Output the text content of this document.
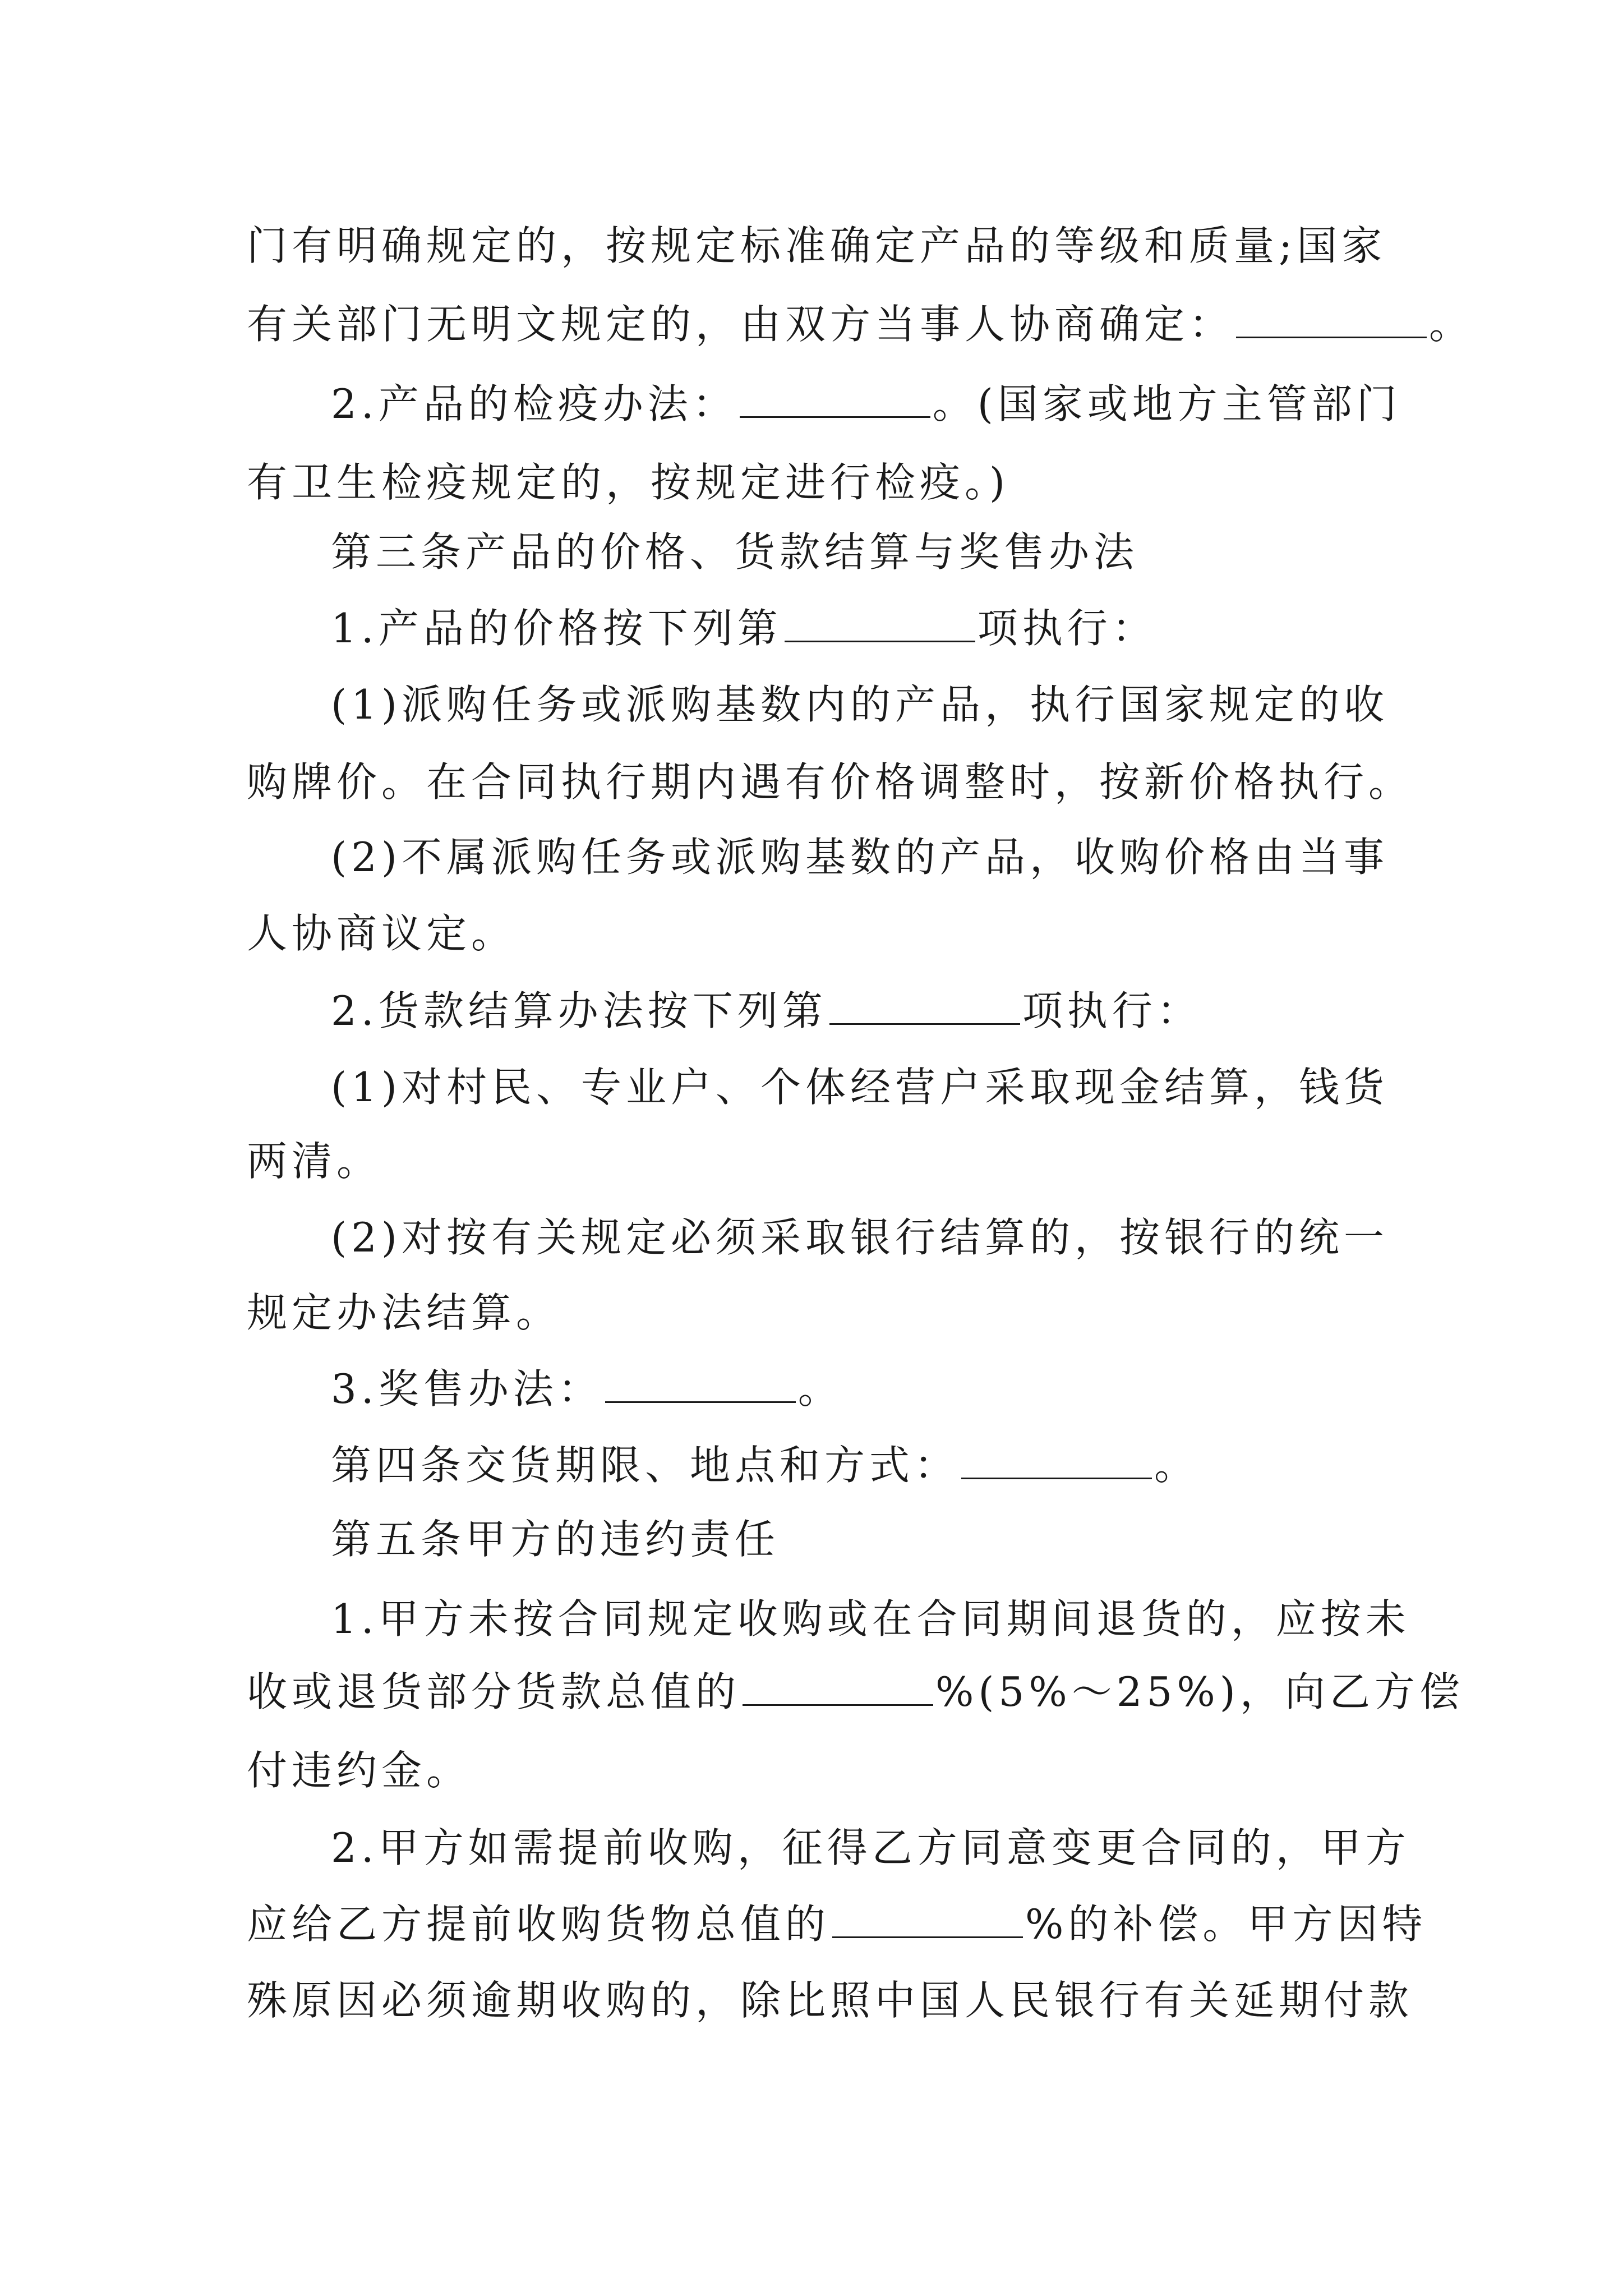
门有明确规定的，按规定标准确定产品的等级和质量;国家
有关部门无明文规定的，由双方当事人协商确定：	。
2.产品的检疫办法：	。(国家或地方主管部门
有卫生检疫规定的，按规定进行检疫。)
第三条产品的价格、货款结算与奖售办法
1.产品的价格按下列第	项执行：
(1)派购任务或派购基数内的产品，执行国家规定的收
购牌价。在合同执行期内遇有价格调整时，按新价格执行。
(2)不属派购任务或派购基数的产品，收购价格由当事
人协商议定。
2.货款结算办法按下列第	项执行：
(1)对村民、专业户、个体经营户采取现金结算，钱货
两清。
(2)对按有关规定必须采取银行结算的，按银行的统一
规定办法结算。
3.奖售办法：	。
第四条交货期限、地点和方式：	。
第五条甲方的违约责任
1.甲方未按合同规定收购或在合同期间退货的，应按未
收或退货部分货款总值的	%(5%～25%)，向乙方偿
付违约金。
2.甲方如需提前收购，征得乙方同意变更合同的，甲方
应给乙方提前收购货物总值的	%的补偿。甲方因特
殊原因必须逾期收购的，除比照中国人民银行有关延期付款
